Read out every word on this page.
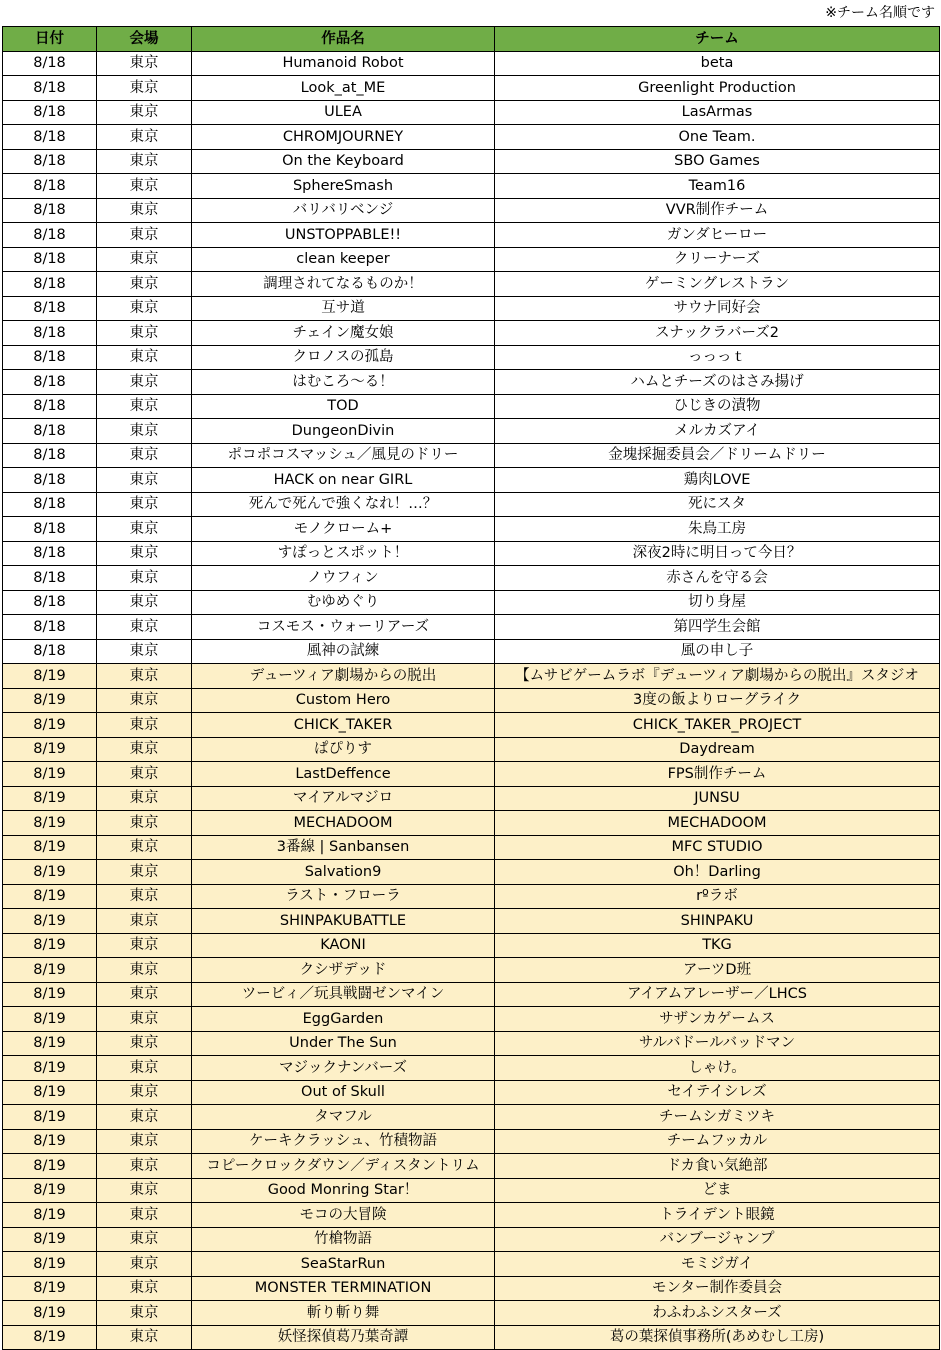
※チーム名順です
日付	会場	作品名	チーム
8/18	東京	Humanoid Robot	beta
8/18	東京	Look_at_ME	Greenlight Production
8/18	東京	ULEA	LasArmas
8/18	東京	CHROMJOURNEY	One Team.
8/18	東京	On the Keyboard	SBO Games
8/18	東京	SphereSmash	Team16
8/18	東京	バリバリベンジ	VVR制作チーム
8/18	東京	UNSTOPPABLE!!	ガンダヒーロー
8/18	東京	clean keeper	クリーナーズ
8/18	東京	調理されてなるものか！	ゲーミングレストラン
8/18	東京	互サ道	サウナ同好会
8/18	東京	チェイン魔女娘	スナックラバーズ2
8/18	東京	クロノスの孤島	っっっｔ
8/18	東京	はむころ～る！	ハムとチーズのはさみ揚げ
8/18	東京	TOD	ひじきの漬物
8/18	東京	DungeonDivin	メルカズアイ
8/18	東京	ポコポコスマッシュ／風見のドリー	金塊採掘委員会／ドリームドリー
8/18	東京	HACK on near GIRL	鶏肉LOVE
8/18	東京	死んで死んで強くなれ！…？	死にスタ
8/18	東京	モノクローム+	朱鳥工房
8/18	東京	すぽっとスポット！	深夜2時に明日って今日？
8/18	東京	ノウフィン	赤さんを守る会
8/18	東京	むゆめぐり	切り身屋
8/18	東京	コスモス・ウォーリアーズ	第四学生会館
8/18	東京	風神の試練	風の申し子
8/19	東京	デューツィア劇場からの脱出	【ムサビゲームラボ『デューツィア劇場からの脱出』スタジオ
8/19	東京	Custom Hero	3度の飯よりローグライク
8/19	東京	CHICK_TAKER	CHICK_TAKER_PROJECT
8/19	東京	ぱぴりす	Daydream
8/19	東京	LastDeffence	FPS制作チーム
8/19	東京	マイアルマジロ	JUNSU
8/19	東京	MECHADOOM	MECHADOOM
8/19	東京	3番線 | Sanbansen	MFC STUDIO
8/19	東京	Salvation9	Oh！Darling
8/19	東京	ラスト・フローラ	rºラボ
8/19	東京	SHINPAKUBATTLE	SHINPAKU
8/19	東京	KAONI	TKG
8/19	東京	クシザデッド	アーツD班
8/19	東京	ツービィ／玩具戦闘ゼンマイン	アイアムアレーザー／LHCS
8/19	東京	EggGarden	サザンカゲームス
8/19	東京	Under The Sun	サルバドールバッドマン
8/19	東京	マジックナンバーズ	しゃけ。
8/19	東京	Out of Skull	セイテイシレズ
8/19	東京	タマフル	チームシガミツキ
8/19	東京	ケーキクラッシュ、竹積物語	チームフッカル
8/19	東京	コピークロックダウン／ディスタントリム	ドカ食い気絶部
8/19	東京	Good Monring Star！	どま
8/19	東京	モコの大冒険	トライデント眼鏡
8/19	東京	竹槍物語	バンブージャンプ
8/19	東京	SeaStarRun	モミジガイ
8/19	東京	MONSTER TERMINATION	モンター制作委員会
8/19	東京	斬り斬り舞	わふわふシスターズ
8/19	東京	妖怪探偵葛乃葉奇譚	葛の葉探偵事務所(あめむし工房)
